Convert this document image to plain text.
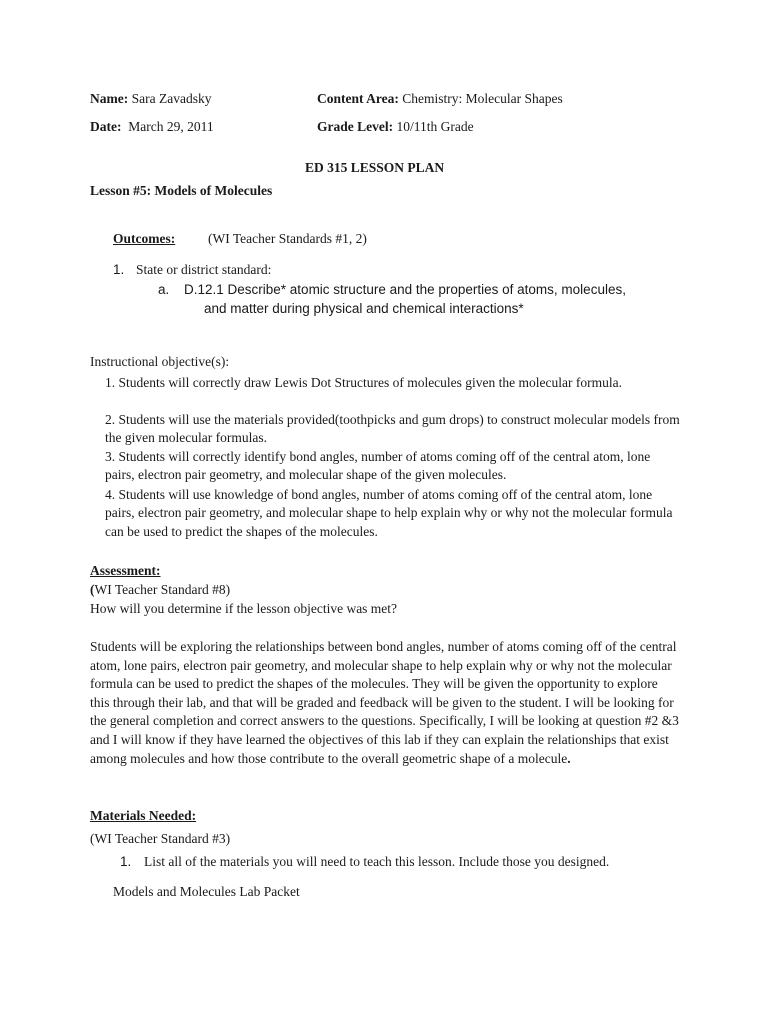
Name: Sara Zavadsky	Content Area: Chemistry: Molecular Shapes
Date: March 29, 2011	Grade Level: 10/11th Grade
ED 315 LESSON PLAN
Lesson #5: Models of Molecules
Outcomes: (WI Teacher Standards #1, 2)
1. State or district standard:
a. D.12.1 Describe* atomic structure and the properties of atoms, molecules,
and matter during physical and chemical interactions*
Instructional objective(s):
1. Students will correctly draw Lewis Dot Structures of molecules given the molecular formula.
2. Students will use the materials provided(toothpicks and gum drops) to construct molecular models from the given molecular formulas.
3. Students will correctly identify bond angles, number of atoms coming off of the central atom, lone pairs, electron pair geometry, and molecular shape of the given molecules.
4. Students will use knowledge of bond angles, number of atoms coming off of the central atom, lone pairs, electron pair geometry, and molecular shape to help explain why or why not the molecular formula can be used to predict the shapes of the molecules.
Assessment:
(WI Teacher Standard #8)
How will you determine if the lesson objective was met?
Students will be exploring the relationships between bond angles, number of atoms coming off of the central atom, lone pairs, electron pair geometry, and molecular shape to help explain why or why not the molecular formula can be used to predict the shapes of the molecules. They will be given the opportunity to explore this through their lab, and that will be graded and feedback will be given to the student. I will be looking for the general completion and correct answers to the questions. Specifically, I will be looking at question #2 &3 and I will know if they have learned the objectives of this lab if they can explain the relationships that exist among molecules and how those contribute to the overall geometric shape of a molecule.
Materials Needed:
(WI Teacher Standard #3)
1. List all of the materials you will need to teach this lesson. Include those you designed.
Models and Molecules Lab Packet
